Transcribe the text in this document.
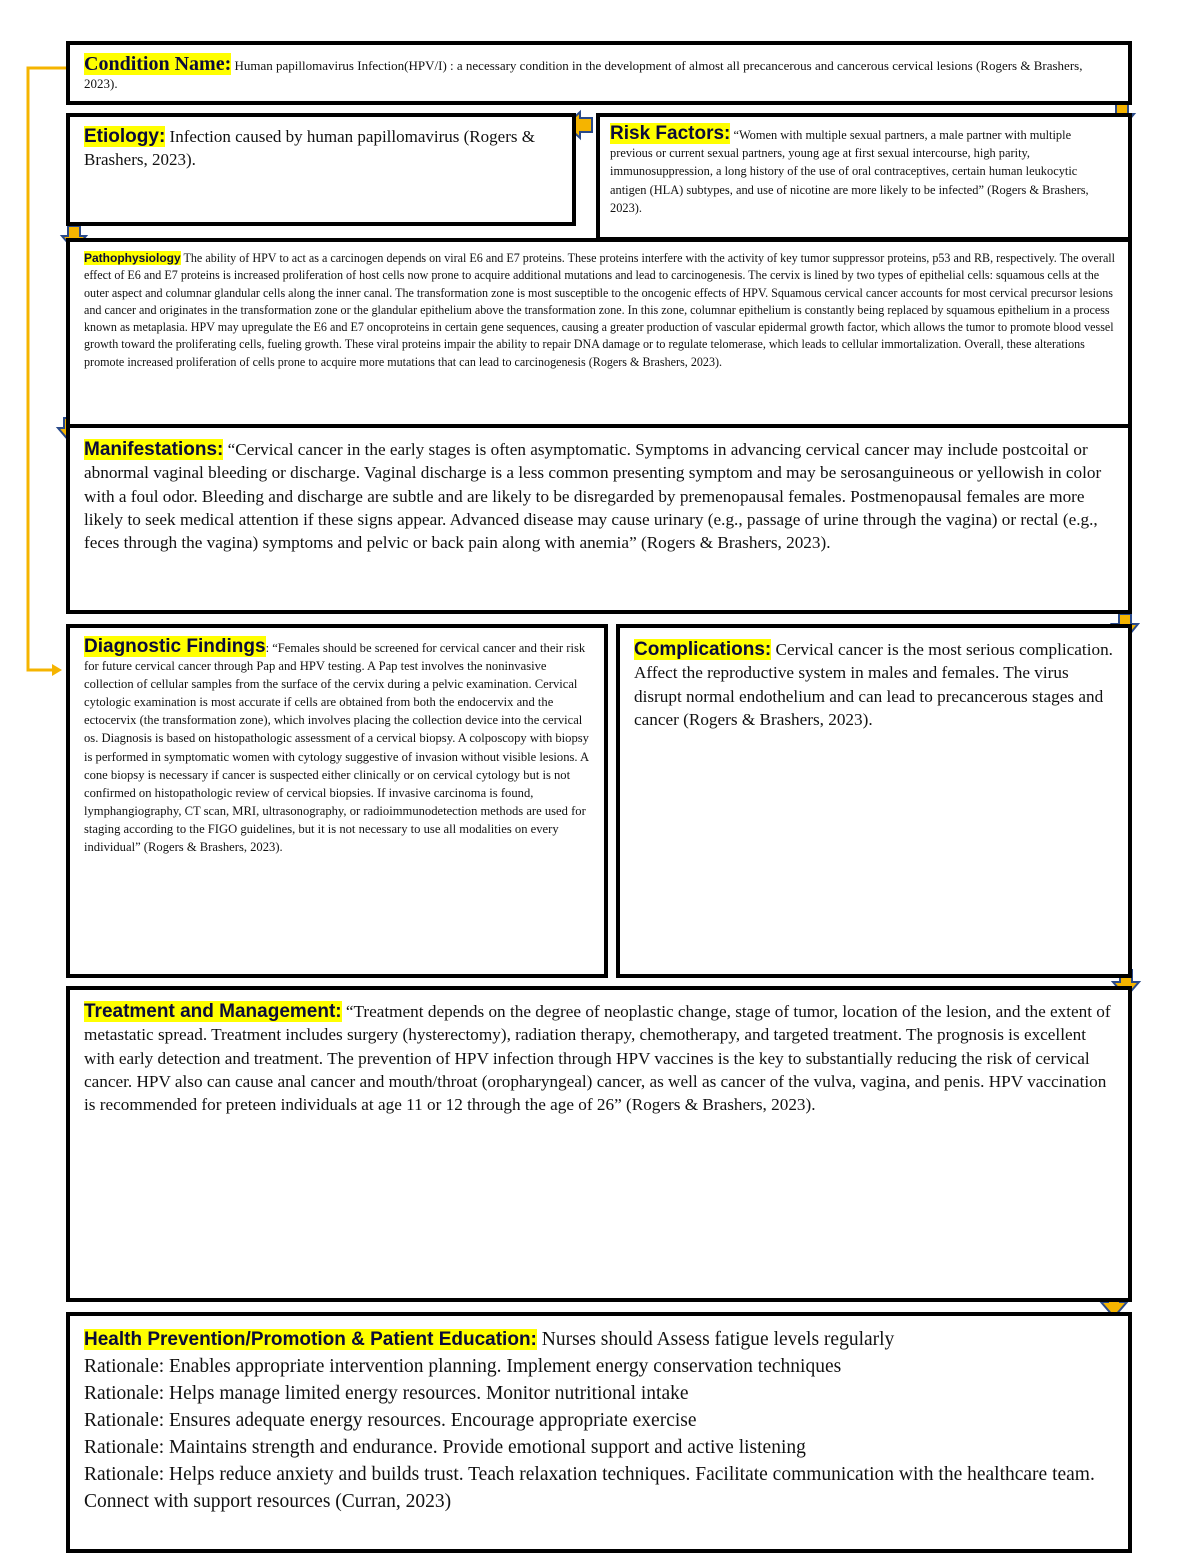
Condition Name: Human papillomavirus Infection(HPV/I) : a necessary condition in the development of almost all precancerous and cancerous cervical lesions (Rogers & Brashers, 2023).
Etiology: Infection caused by human papillomavirus (Rogers & Brashers, 2023).
Risk Factors: “Women with multiple sexual partners, a male partner with multiple previous or current sexual partners, young age at first sexual intercourse, high parity, immunosuppression, a long history of the use of oral contraceptives, certain human leukocytic antigen (HLA) subtypes, and use of nicotine are more likely to be infected” (Rogers & Brashers, 2023).
Pathophysiology The ability of HPV to act as a carcinogen depends on viral E6 and E7 proteins. These proteins interfere with the activity of key tumor suppressor proteins, p53 and RB, respectively. The overall effect of E6 and E7 proteins is increased proliferation of host cells now prone to acquire additional mutations and lead to carcinogenesis. The cervix is lined by two types of epithelial cells: squamous cells at the outer aspect and columnar glandular cells along the inner canal. The transformation zone is most susceptible to the oncogenic effects of HPV. Squamous cervical cancer accounts for most cervical precursor lesions and cancer and originates in the transformation zone or the glandular epithelium above the transformation zone. In this zone, columnar epithelium is constantly being replaced by squamous epithelium in a process known as metaplasia. HPV may upregulate the E6 and E7 oncoproteins in certain gene sequences, causing a greater production of vascular epidermal growth factor, which allows the tumor to promote blood vessel growth toward the proliferating cells, fueling growth. These viral proteins impair the ability to repair DNA damage or to regulate telomerase, which leads to cellular immortalization. Overall, these alterations promote increased proliferation of cells prone to acquire more mutations that can lead to carcinogenesis (Rogers & Brashers, 2023).
Manifestations: “Cervical cancer in the early stages is often asymptomatic. Symptoms in advancing cervical cancer may include postcoital or abnormal vaginal bleeding or discharge. Vaginal discharge is a less common presenting symptom and may be serosanguineous or yellowish in color with a foul odor. Bleeding and discharge are subtle and are likely to be disregarded by premenopausal females. Postmenopausal females are more likely to seek medical attention if these signs appear. Advanced disease may cause urinary (e.g., passage of urine through the vagina) or rectal (e.g., feces through the vagina) symptoms and pelvic or back pain along with anemia” (Rogers & Brashers, 2023).
Diagnostic Findings: “Females should be screened for cervical cancer and their risk for future cervical cancer through Pap and HPV testing. A Pap test involves the noninvasive collection of cellular samples from the surface of the cervix during a pelvic examination. Cervical cytologic examination is most accurate if cells are obtained from both the endocervix and the ectocervix (the transformation zone), which involves placing the collection device into the cervical os. Diagnosis is based on histopathologic assessment of a cervical biopsy. A colposcopy with biopsy is performed in symptomatic women with cytology suggestive of invasion without visible lesions. A cone biopsy is necessary if cancer is suspected either clinically or on cervical cytology but is not confirmed on histopathologic review of cervical biopsies. If invasive carcinoma is found, lymphangiography, CT scan, MRI, ultrasonography, or radioimmunodetection methods are used for staging according to the FIGO guidelines, but it is not necessary to use all modalities on every individual” (Rogers & Brashers, 2023).

Complications: Cervical cancer is the most serious complication.

Affect the reproductive system in males and females. The virus disrupt normal endothelium and can lead to precancerous stages and cancer (Rogers & Brashers, 2023).

Treatment and Management: “Treatment depends on the degree of neoplastic change, stage of tumor, location of the lesion, and the extent of metastatic spread. Treatment includes surgery (hysterectomy), radiation therapy, chemotherapy, and targeted treatment. The prognosis is excellent with early detection and treatment. The prevention of HPV infection through HPV vaccines is the key to substantially reducing the risk of cervical cancer. HPV also can cause anal cancer and mouth/throat (oropharyngeal) cancer, as well as cancer of the vulva, vagina, and penis. HPV vaccination is recommended for preteen individuals at age 11 or 12 through the age of 26” (Rogers & Brashers, 2023).

Health Prevention/Promotion & Patient Education: Nurses should Assess fatigue levels regularly

Rationale: Enables appropriate intervention planning. Implement energy conservation techniques

Rationale: Helps manage limited energy resources. Monitor nutritional intake

Rationale: Ensures adequate energy resources. Encourage appropriate exercise

Rationale: Maintains strength and endurance. Provide emotional support and active listening

Rationale: Helps reduce anxiety and builds trust. Teach relaxation techniques. Facilitate communication with the healthcare team. Connect with support resources (Curran, 2023)
